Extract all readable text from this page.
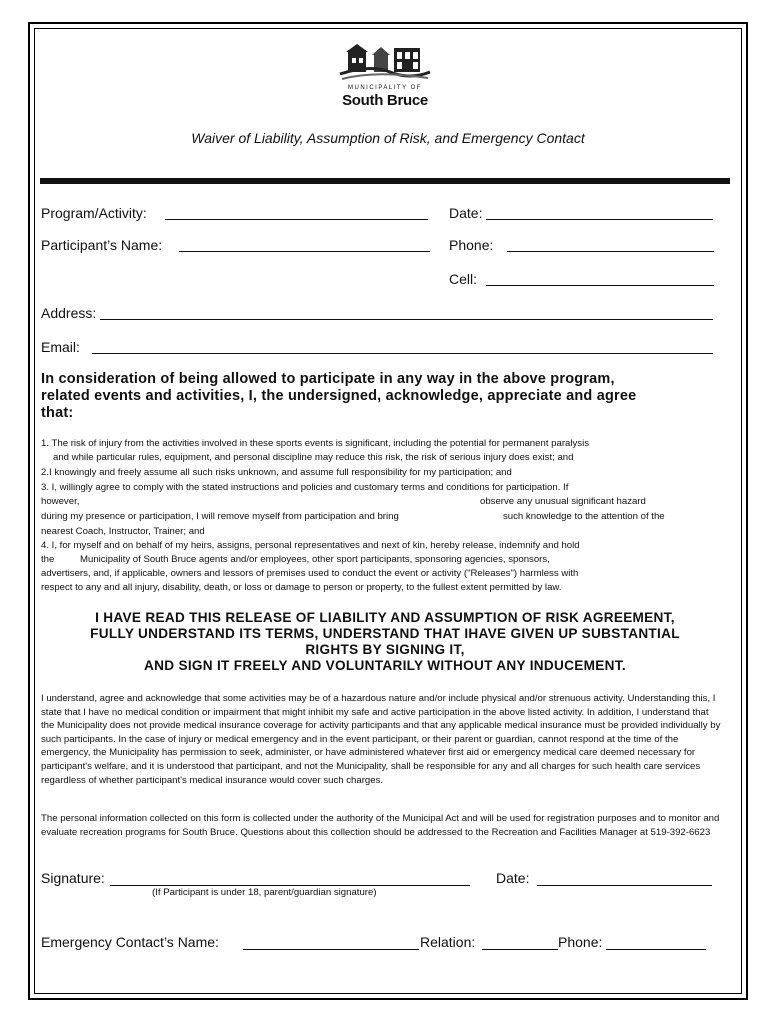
MUNICIPALITY OF
South Bruce
Waiver of Liability, Assumption of Risk, and Emergency Contact
Program/Activity:	Date:
Participant’s Name:	Phone:
Cell:
Address:
Email:
In consideration of being allowed to participate in any way in the above program,
related events and activities, I, the undersigned, acknowledge, appreciate and agree
that:
1. The risk of injury from the activities involved in these sports events is significant, including the potential for permanent paralysis
and while particular rules, equipment, and personal discipline may reduce this risk, the risk of serious injury does exist; and
2.I knowingly and freely assume all such risks unknown, and assume full responsibility for my participation; and
3. I, willingly agree to comply with the stated instructions and policies and customary terms and conditions for participation. If
however,	observe any unusual significant hazard
during my presence or participation, I will remove myself from participation and bring	such knowledge to the attention of the
nearest Coach, Instructor, Trainer; and
4. I, for myself and on behalf of my heirs, assigns, personal representatives and next of kin, hereby release, indemnify and hold
the	Municipality of South Bruce agents and/or employees, other sport participants, sponsoring agencies, sponsors,
advertisers, and, if applicable, owners and lessors of premises used to conduct the event or activity ("Releases") harmless with
respect to any and all injury, disability, death, or loss or damage to person or property, to the fullest extent permitted by law.
I HAVE READ THIS RELEASE OF LIABILITY AND ASSUMPTION OF RISK AGREEMENT,
FULLY UNDERSTAND ITS TERMS, UNDERSTAND THAT IHAVE GIVEN UP SUBSTANTIAL
RIGHTS BY SIGNING IT,
AND SIGN IT FREELY AND VOLUNTARILY WITHOUT ANY INDUCEMENT.
I understand, agree and acknowledge that some activities may be of a hazardous nature and/or include physical and/or strenuous activity. Understanding this, I state that I have no medical condition or impairment that might inhibit my safe and active participation in the above listed activity. In addition, I understand that the Municipality does not provide medical insurance coverage for activity participants and that any applicable medical insurance must be provided individually by such participants. In the case of injury or medical emergency and in the event participant, or their parent or guardian, cannot respond at the time of the emergency, the Municipality has permission to seek, administer, or have administered whatever first aid or emergency medical care deemed necessary for participant's welfare, and it is understood that participant, and not the Municipality, shall be responsible for any and all charges for such health care services regardless of whether participant's medical insurance would cover such charges.
The personal information collected on this form is collected under the authority of the Municipal Act and will be used for registration purposes and to monitor and evaluate recreation programs for South Bruce. Questions about this collection should be addressed to the Recreation and Facilities Manager at 519-392-6623
Signature:	Date:
(If Participant is under 18, parent/guardian signature)
Emergency Contact’s Name:	Relation:	Phone:
